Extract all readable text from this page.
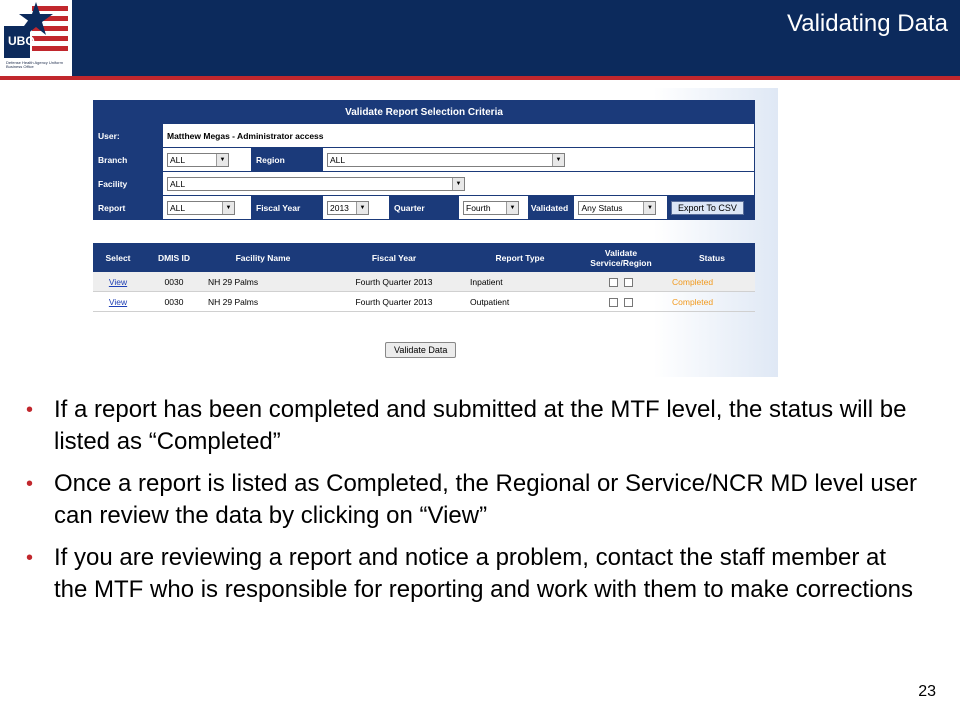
UBO
Defense Health Agency Uniform Business Office
Validating Data
Validate Report Selection Criteria
User:	Matthew Megas - Administrator access
Branch	ALL	▼	Region	ALL	▼

Facility	ALL	▼

Report	ALL	▼	Fiscal Year	2013	▼	Quarter		Fourth	▼	Validated	Any Status	▼	Export To CSV
Select	DMIS ID	Facility Name	Fiscal Year	Report Type	Validate Service/Region	Status
View	0030	NH 29 Palms	Fourth Quarter 2013	Inpatient		Completed
View	0030	NH 29 Palms	Fourth Quarter 2013	Outpatient		Completed
Validate Data
• If a report has been completed and submitted at the MTF level, the status will be listed as “Completed”
• Once a report is listed as Completed, the Regional or Service/NCR MD level user can review the data by clicking on “View”
• If you are reviewing a report and notice a problem, contact the staff member at the MTF who is responsible for reporting and work with them to make corrections
23
